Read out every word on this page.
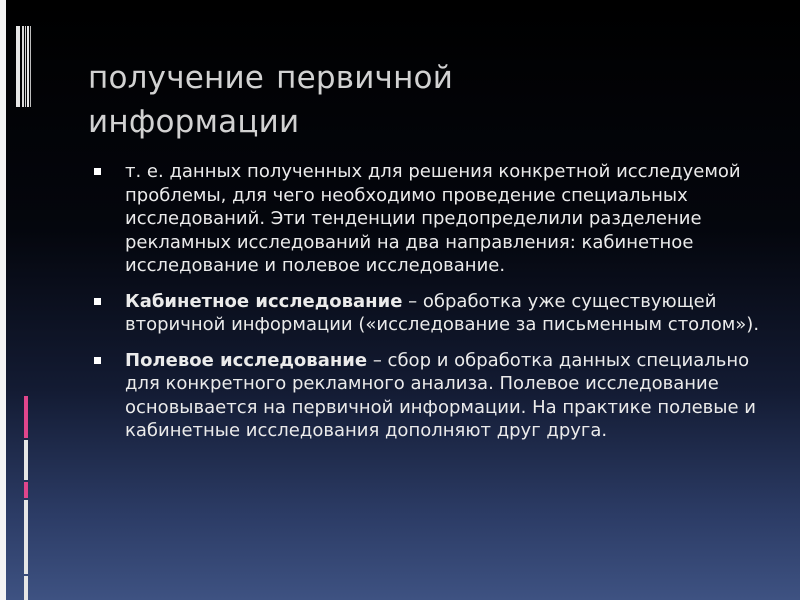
получение первичной
информации
т. е. данных полученных для решения конкретной исследуемой проблемы, для чего необходимо проведение специальных исследований. Эти тенденции предопределили разделение рекламных исследований на два направления: кабинетное исследование и полевое исследование.
Кабинетное исследование – обработка уже существующей вторичной информации («исследование за письменным столом»).
Полевое исследование – сбор и обработка данных специально для конкретного рекламного анализа. Полевое исследование основывается на первичной информации. На практике полевые и кабинетные исследования дополняют друг друга.
